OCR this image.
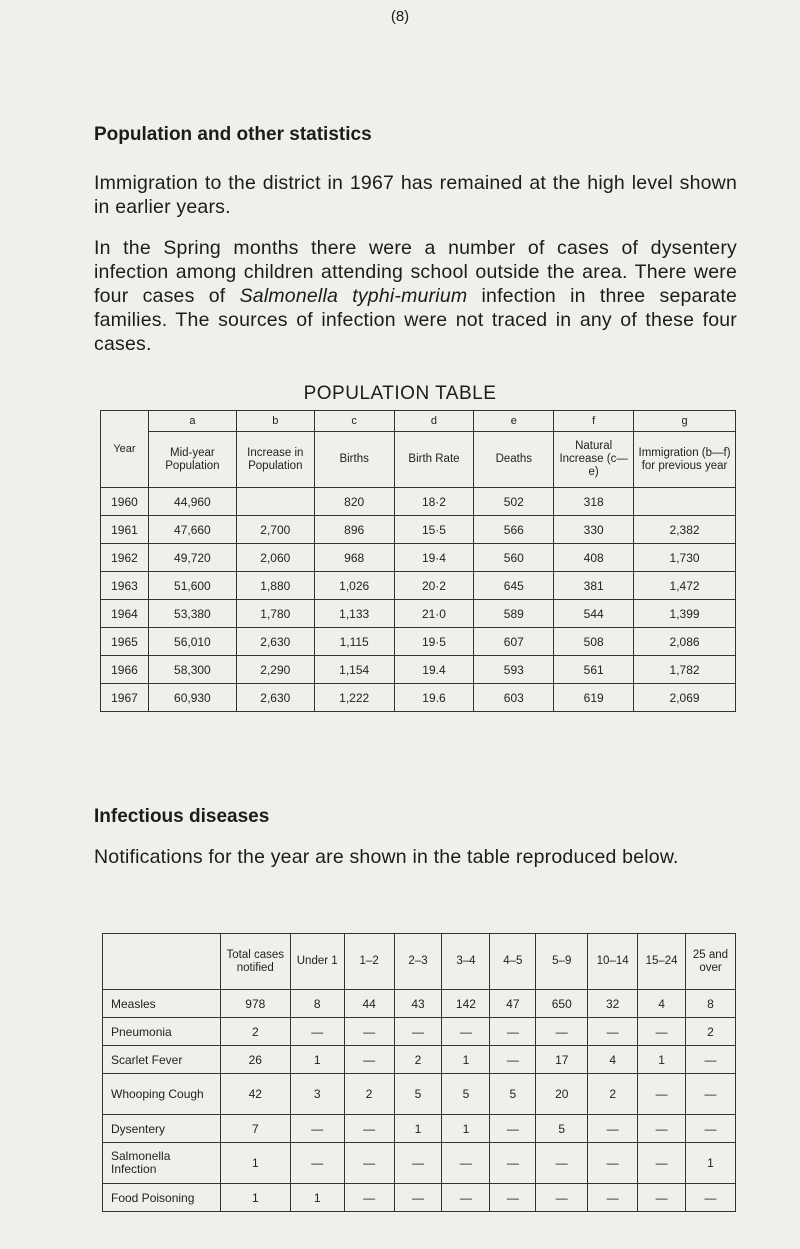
(8)
Population and other statistics
Immigration to the district in 1967 has remained at the high level shown in earlier years.
In the Spring months there were a number of cases of dysentery infection among children attending school outside the area. There were four cases of Salmonella typhi-murium infection in three separate families. The sources of infection were not traced in any of these four cases.
POPULATION TABLE
Year	a	b	c	d	e	f	g
	Mid-year Population	Increase in Population	Births	Birth Rate	Deaths	Natural Increase (c—e)	Immigration (b—f) for previous year
1960	44,960		820	18·2	502	318	
1961	47,660	2,700	896	15·5	566	330	2,382
1962	49,720	2,060	968	19·4	560	408	1,730
1963	51,600	1,880	1,026	20·2	645	381	1,472
1964	53,380	1,780	1,133	21·0	589	544	1,399
1965	56,010	2,630	1,115	19·5	607	508	2,086
1966	58,300	2,290	1,154	19.4	593	561	1,782
1967	60,930	2,630	1,222	19.6	603	619	2,069
Infectious diseases
Notifications for the year are shown in the table reproduced below.
	Total cases notified	Under 1	1–2	2–3	3–4	4–5	5–9	10–14	15–24	25 and over
Measles	978	8	44	43	142	47	650	32	4	8
Pneumonia	2	—	—	—	—	—	—	—	—	2
Scarlet Fever	26	1	—	2	1	—	17	4	1	—
Whooping Cough	42	3	2	5	5	5	20	2	—	—
Dysentery	7	—	—	1	1	—	5	—	—	—
Salmonella Infection	1	—	—	—	—	—	—	—	—	1
Food Poisoning	1	1	—	—	—	—	—	—	—	—
